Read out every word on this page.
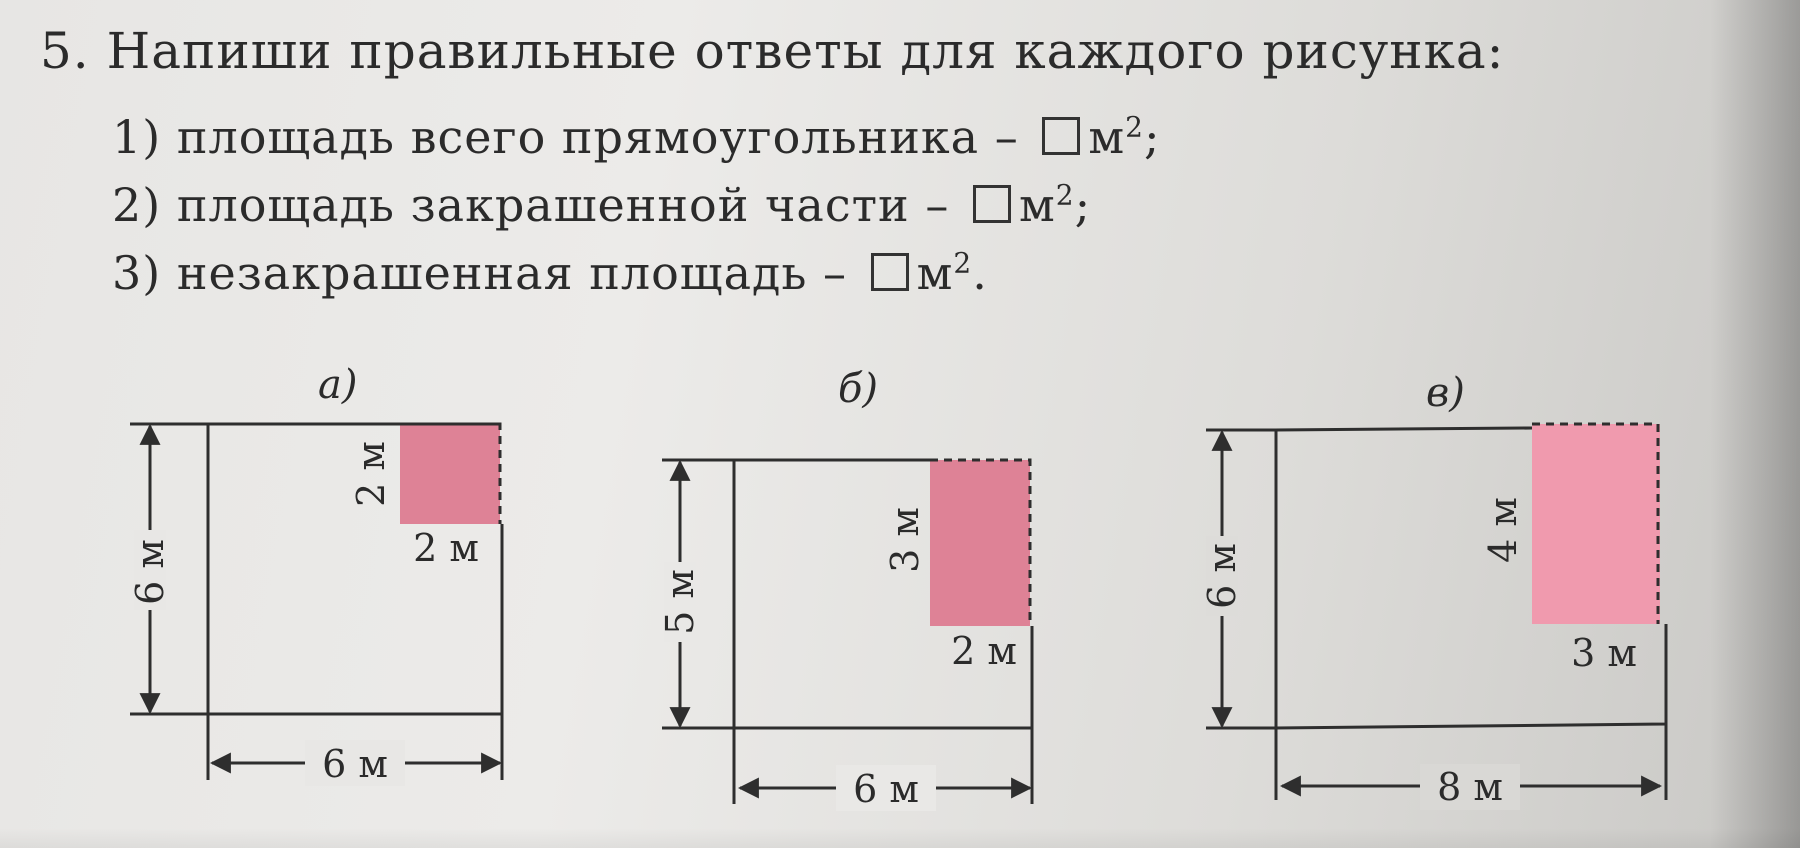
5. Напиши правильные ответы для каждого рисунка:
1) площадь всего прямоугольника – $м^2$;
2) площадь закрашенной части – $м^2$;
3) незакрашенная площадь – $м^2$.
а)	б)	в)
6 м
6 м
2 м
2 м
5 м
6 м
3 м
2 м
6 м
8 м
4 м
3 м
